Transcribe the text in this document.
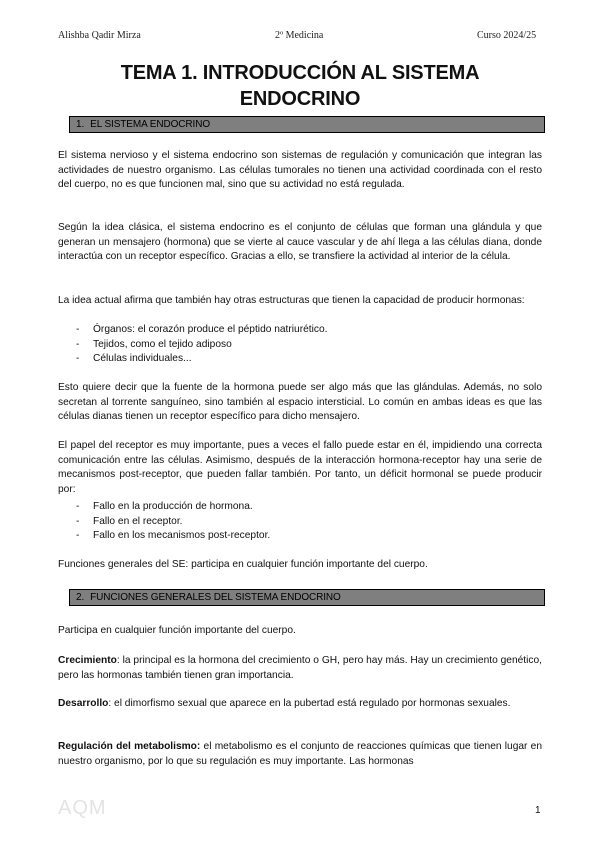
Alishba Qadir Mirza	2º Medicina	Curso 2024/25
TEMA 1. INTRODUCCIÓN AL SISTEMA
ENDOCRINO
1. EL SISTEMA ENDOCRINO
El sistema nervioso y el sistema endocrino son sistemas de regulación y comunicación que integran las actividades de nuestro organismo. Las células tumorales no tienen una actividad coordinada con el resto del cuerpo, no es que funcionen mal, sino que su actividad no está regulada.
Según la idea clásica, el sistema endocrino es el conjunto de células que forman una glándula y que generan un mensajero (hormona) que se vierte al cauce vascular y de ahí llega a las células diana, donde interactúa con un receptor específico. Gracias a ello, se transfiere la actividad al interior de la célula.
La idea actual afirma que también hay otras estructuras que tienen la capacidad de producir hormonas:
- Órganos: el corazón produce el péptido natriurético.
- Tejidos, como el tejido adiposo
- Células individuales...
Esto quiere decir que la fuente de la hormona puede ser algo más que las glándulas. Además, no solo secretan al torrente sanguíneo, sino también al espacio intersticial. Lo común en ambas ideas es que las células dianas tienen un receptor específico para dicho mensajero.
El papel del receptor es muy importante, pues a veces el fallo puede estar en él, impidiendo una correcta comunicación entre las células. Asimismo, después de la interacción hormona-receptor hay una serie de mecanismos post-receptor, que pueden fallar también. Por tanto, un déficit hormonal se puede producir por:
- Fallo en la producción de hormona.
- Fallo en el receptor.
- Fallo en los mecanismos post-receptor.
Funciones generales del SE: participa en cualquier función importante del cuerpo.
2. FUNCIONES GENERALES DEL SISTEMA ENDOCRINO
Participa en cualquier función importante del cuerpo.
Crecimiento: la principal es la hormona del crecimiento o GH, pero hay más. Hay un crecimiento genético, pero las hormonas también tienen gran importancia.
Desarrollo: el dimorfismo sexual que aparece en la pubertad está regulado por hormonas sexuales.
Regulación del metabolismo: el metabolismo es el conjunto de reacciones químicas que tienen lugar en nuestro organismo, por lo que su regulación es muy importante. Las hormonas
AQM	1
